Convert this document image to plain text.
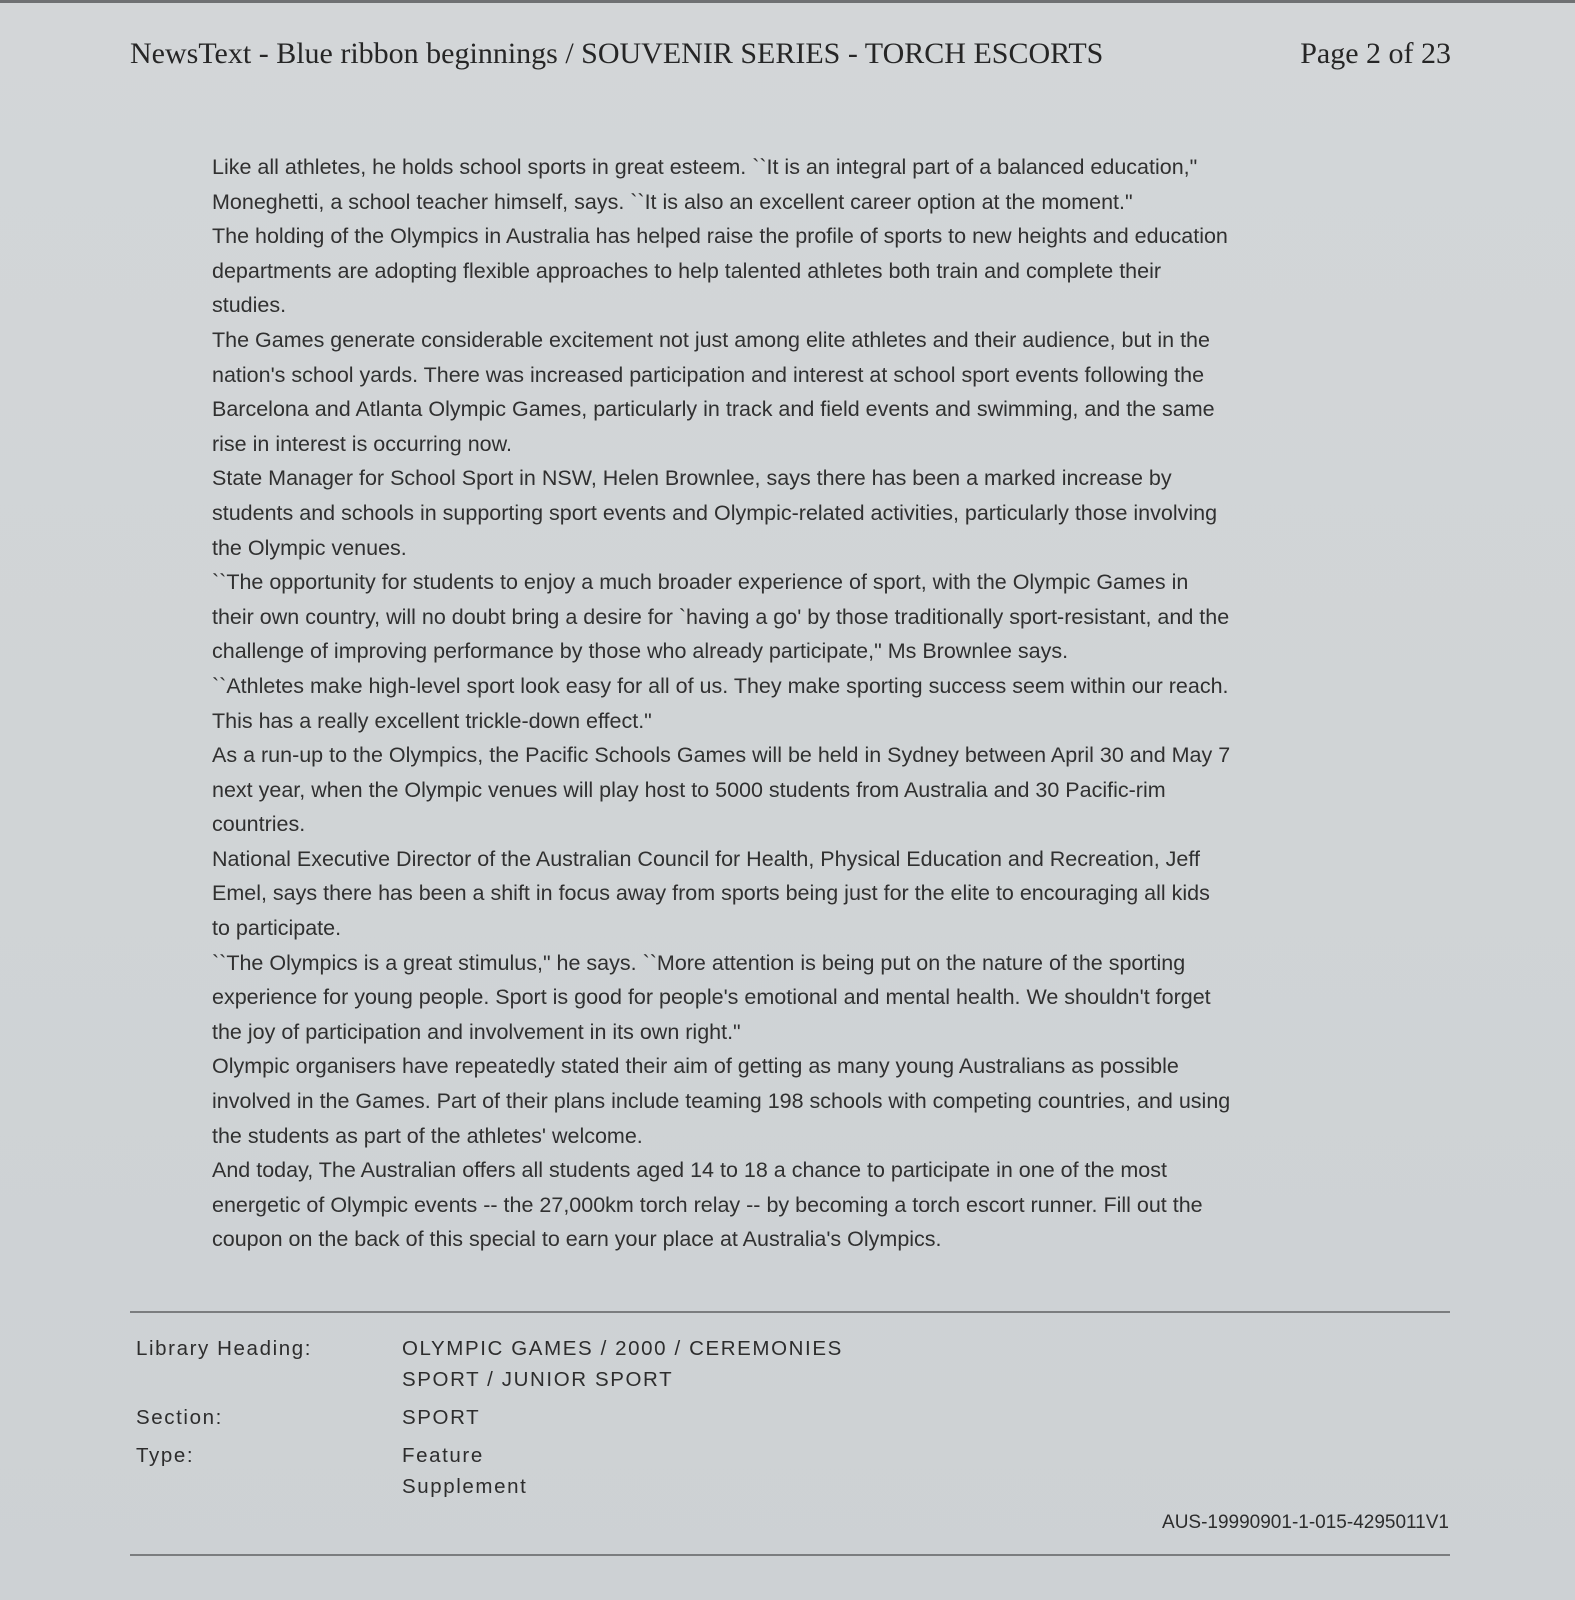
NewsText - Blue ribbon beginnings / SOUVENIR SERIES - TORCH ESCORTS	Page 2 of 23

Like all athletes, he holds school sports in great esteem. ``It is an integral part of a balanced education,"

Moneghetti, a school teacher himself, says. ``It is also an excellent career option at the moment."

The holding of the Olympics in Australia has helped raise the profile of sports to new heights and education

departments are adopting flexible approaches to help talented athletes both train and complete their

studies.

The Games generate considerable excitement not just among elite athletes and their audience, but in the

nation's school yards. There was increased participation and interest at school sport events following the

Barcelona and Atlanta Olympic Games, particularly in track and field events and swimming, and the same

rise in interest is occurring now.

State Manager for School Sport in NSW, Helen Brownlee, says there has been a marked increase by

students and schools in supporting sport events and Olympic-related activities, particularly those involving

the Olympic venues.

``The opportunity for students to enjoy a much broader experience of sport, with the Olympic Games in

their own country, will no doubt bring a desire for `having a go' by those traditionally sport-resistant, and the

challenge of improving performance by those who already participate," Ms Brownlee says.

``Athletes make high-level sport look easy for all of us. They make sporting success seem within our reach.

This has a really excellent trickle-down effect."

As a run-up to the Olympics, the Pacific Schools Games will be held in Sydney between April 30 and May 7

next year, when the Olympic venues will play host to 5000 students from Australia and 30 Pacific-rim

countries.

National Executive Director of the Australian Council for Health, Physical Education and Recreation, Jeff

Emel, says there has been a shift in focus away from sports being just for the elite to encouraging all kids

to participate.

``The Olympics is a great stimulus," he says. ``More attention is being put on the nature of the sporting

experience for young people. Sport is good for people's emotional and mental health. We shouldn't forget

the joy of participation and involvement in its own right."

Olympic organisers have repeatedly stated their aim of getting as many young Australians as possible

involved in the Games. Part of their plans include teaming 198 schools with competing countries, and using

the students as part of the athletes' welcome.

And today, The Australian offers all students aged 14 to 18 a chance to participate in one of the most

energetic of Olympic events -- the 27,000km torch relay -- by becoming a torch escort runner. Fill out the

coupon on the back of this special to earn your place at Australia's Olympics.

Library Heading:	OLYMPIC GAMES / 2000 / CEREMONIES
SPORT / JUNIOR SPORT
Section:	SPORT
Type:	Feature
Supplement
AUS-19990901-1-015-4295011V1
